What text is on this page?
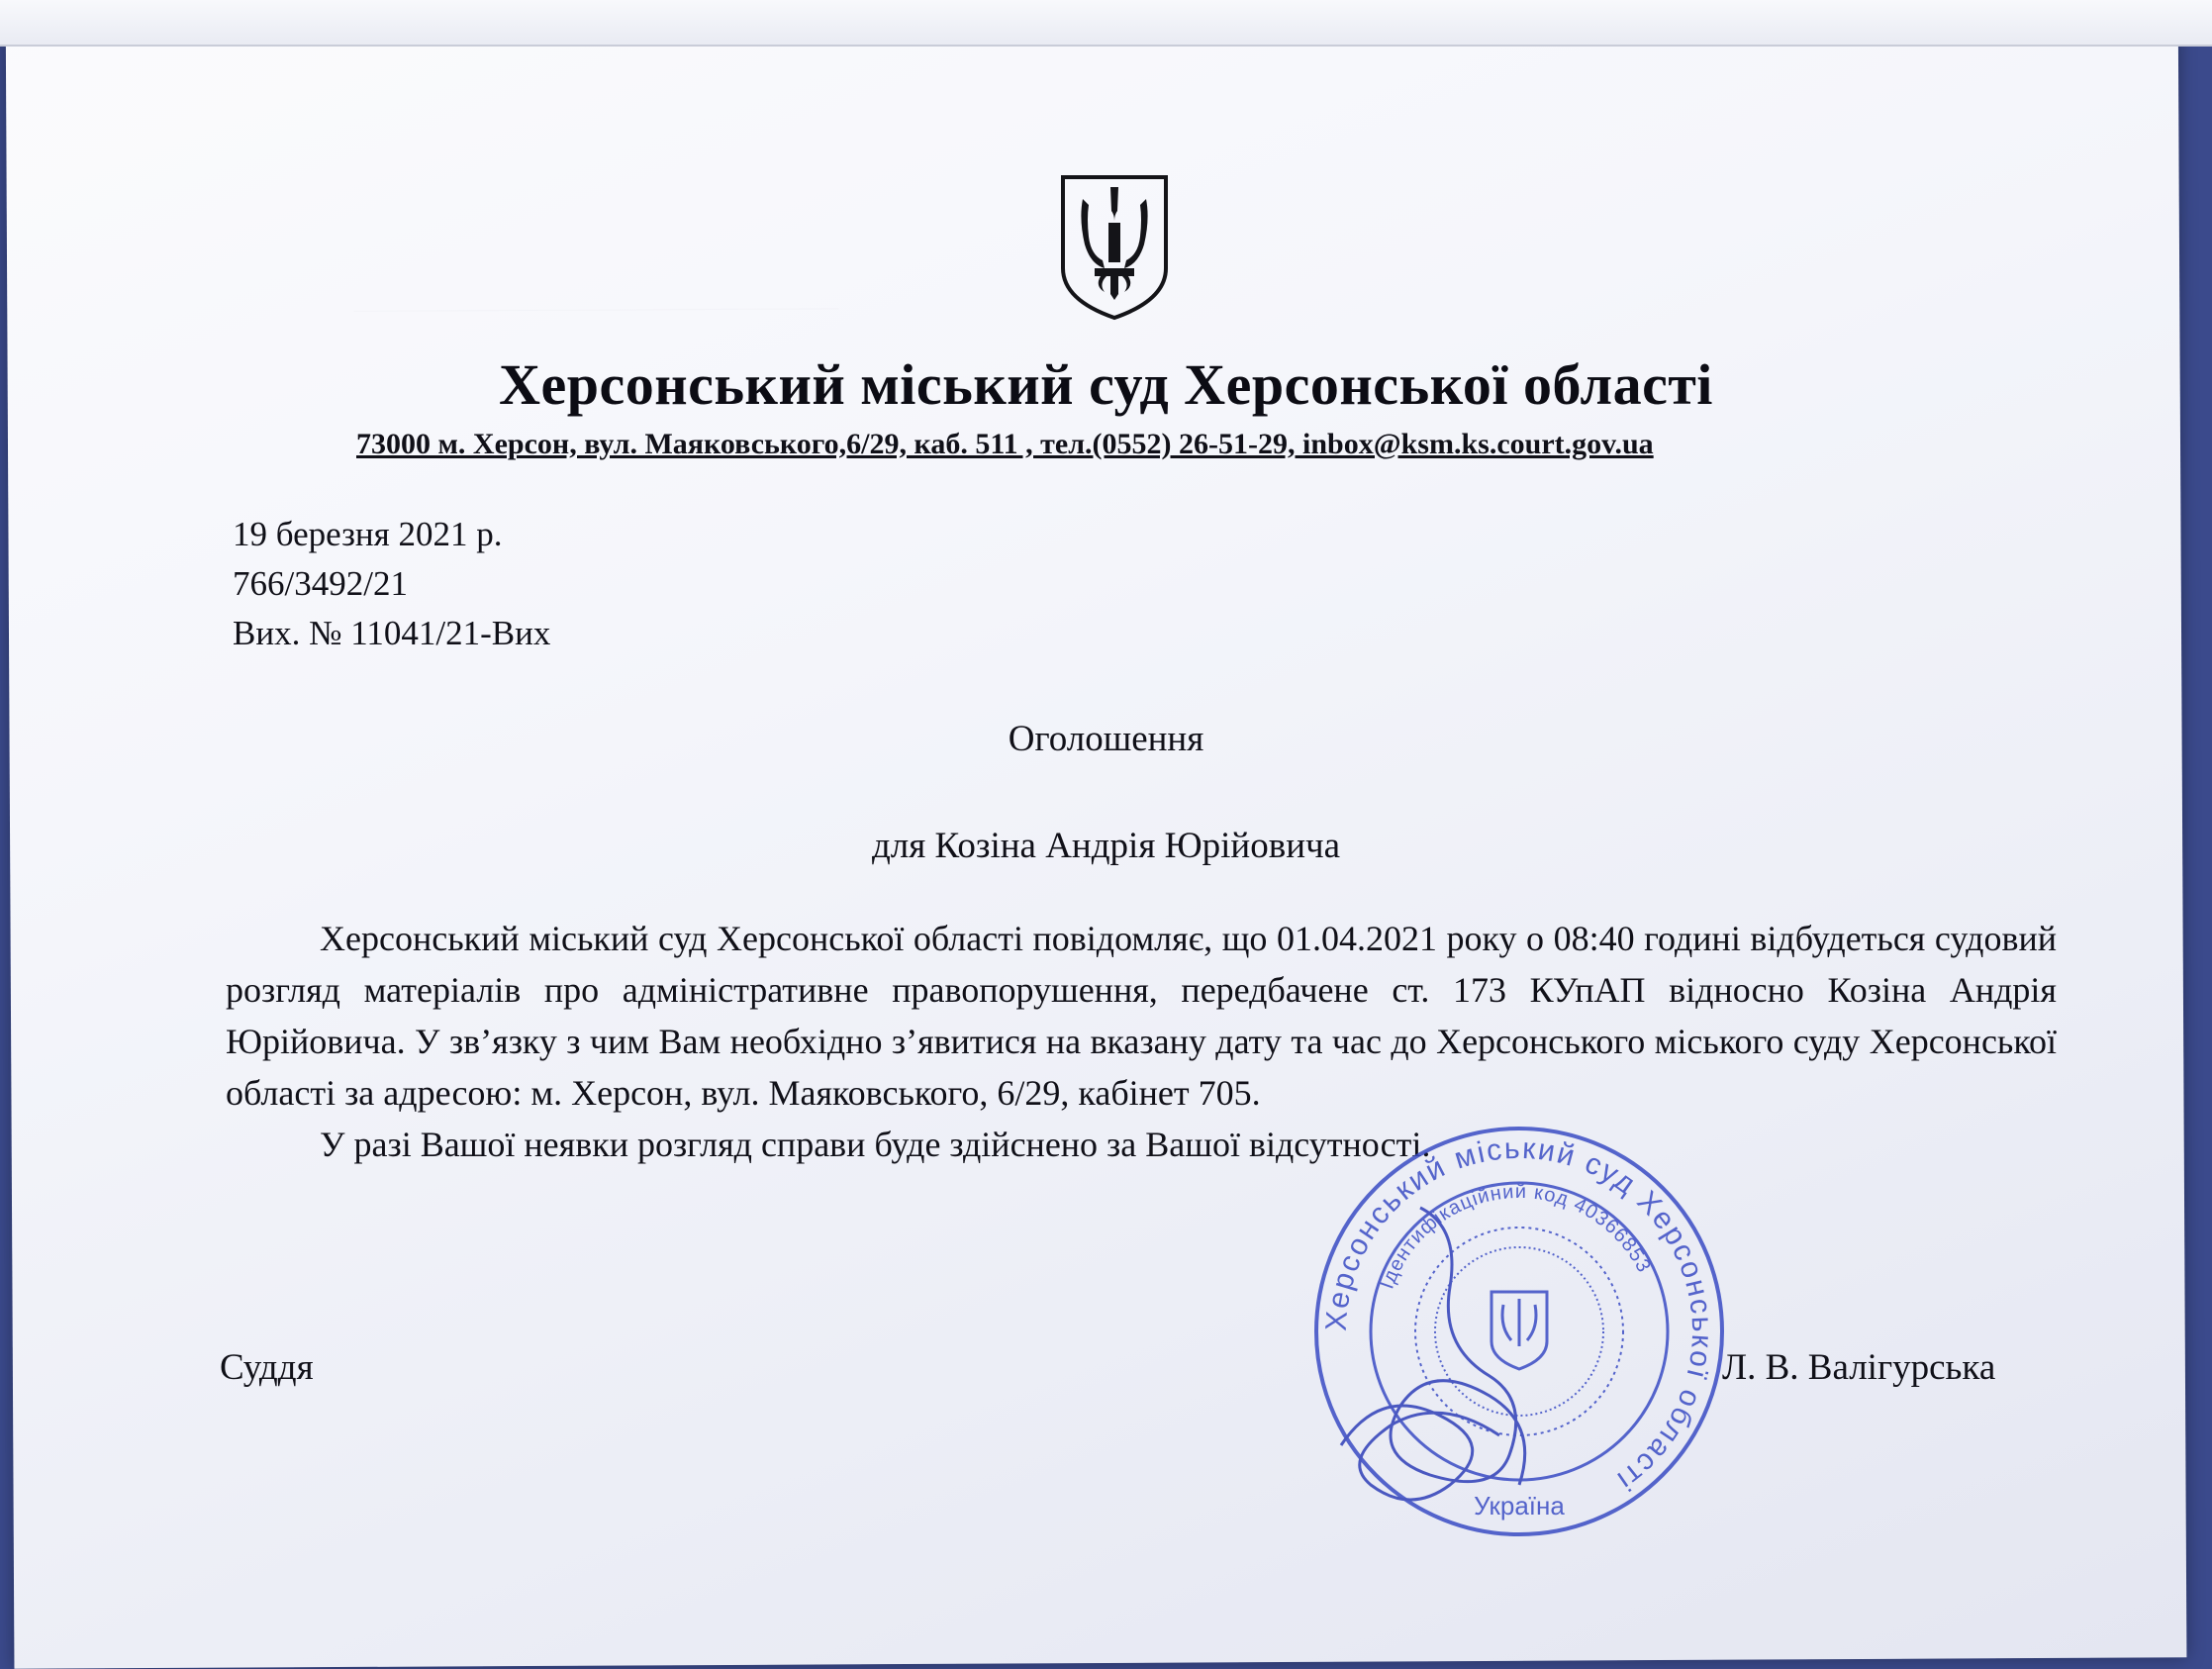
Херсонський міський суд Херсонської області
73000 м. Херсон, вул. Маяковського,6/29, каб. 511 , тел.(0552) 26-51-29, inbox@ksm.ks.court.gov.ua
19 березня 2021 р.
766/3492/21
Вих. № 11041/21-Вих
Оголошення
для Козіна Андрія Юрійовича

Херсонський міський суд Херсонської області повідомляє, що 01.04.2021 року о 08:40 годині відбудеться судовий розгляд матеріалів про адміністративне правопорушення, передбачене ст. 173 КУпАП відносно Козіна Андрія Юрійовича. У зв’язку з чим Вам необхідно з’явитися на вказану дату та час до Херсонського міського суду Херсонської області за адресою: м. Херсон, вул. Маяковського, 6/29, кабінет 705.

У разі Вашої неявки розгляд справи буде здійснено за Вашої відсутності.

Суддя	Л. В. Валігурська
Херсонський міський суд Херсонської області
Ідентифікаційний код 40366853
Україна
